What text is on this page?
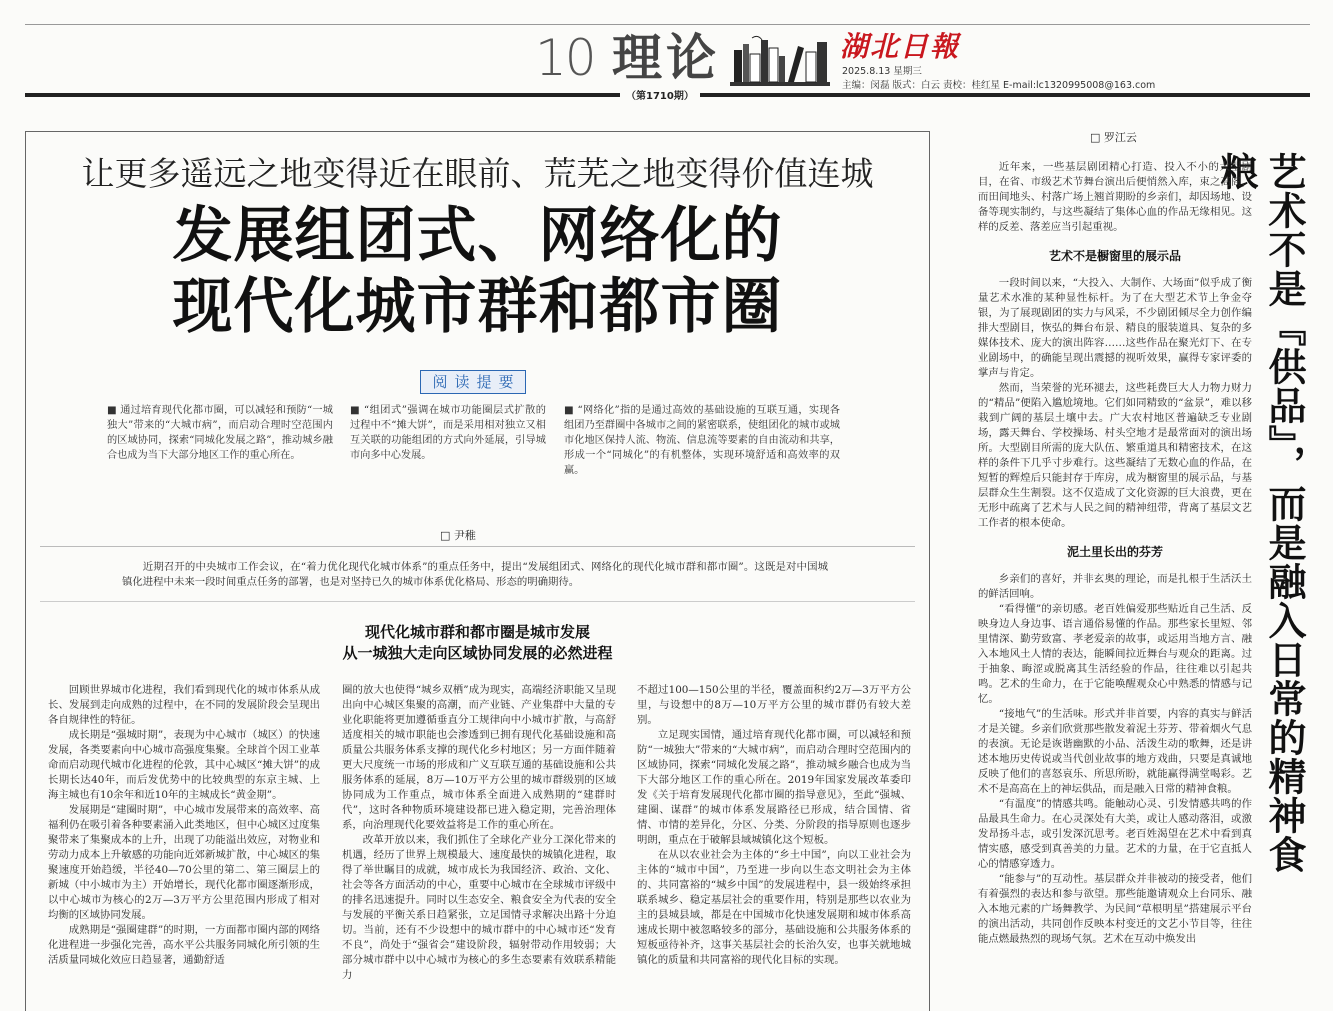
10 理论	湖北日報
2025.8.13 星期三
主编：闵磊 版式：白云 责校：桂红星 E-mail:lc1320995008@163.com
（第1710期）
让更多遥远之地变得近在眼前、荒芜之地变得价值连城
发展组团式、网络化的
现代化城市群和都市圈
阅读提要
■ 通过培育现代化都市圈，可以减轻和预防“一城独大”带来的“大城市病”，而启动合理时空范围内的区域协同，探索“同城化发展之路”，推动城乡融合也成为当下大部分地区工作的重心所在。
■ “组团式”强调在城市功能圈层式扩散的过程中不“摊大饼”，而是采用相对独立又相互关联的功能组团的方式向外延展，引导城市向多中心发展。
■ “网络化”指的是通过高效的基础设施的互联互通，实现各组团乃至群圈中各城市之间的紧密联系，使组团化的城市或城市化地区保持人流、物流、信息流等要素的自由流动和共享，形成一个“同城化”的有机整体，实现环境舒适和高效率的双赢。
□ 尹稚

近期召开的中央城市工作会议，在“着力优化现代化城市体系”的重点任务中，提出“发展组团式、网络化的现代化城市群和都市圈”。这既是对中国城镇化进程中未来一段时间重点任务的部署，也是对坚持已久的城市体系优化格局、形态的明确期待。

现代化城市群和都市圈是城市发展
从一城独大走向区域协同发展的必然进程

回顾世界城市化进程，我们看到现代化的城市体系从成长、发展到走向成熟的过程中，在不同的发展阶段会呈现出各自规律性的特征。

成长期是“强城时期”，表现为中心城市（城区）的快速发展，各类要素向中心城市高强度集聚。全球首个因工业革命而启动现代城市化进程的伦敦，其中心城区“摊大饼”的成长期长达40年，而后发优势中的比较典型的东京主城、上海主城也有10余年和近10年的主城成长“黄金期”。

发展期是“建圈时期”，中心城市发展带来的高效率、高福利仍在吸引着各种要素涌入此类地区，但中心城区过度集聚带来了集聚成本的上升，出现了功能溢出效应，对物业和劳动力成本上升敏感的功能向近郊新城扩散，中心城区的集聚速度开始趋缓，半径40—70公里的第二、第三圈层上的新城（中小城市为主）开始增长，现代化都市圈逐渐形成，以中心城市为核心的2万—3万平方公里范围内形成了相对均衡的区域协同发展。

成熟期是“强圈建群”的时期，一方面都市圈内部的网络化进程进一步强化完善，高水平公共服务同城化所引领的生活质量同城化效应日趋显著，通勤舒适

圈的放大也使得“城乡双栖”成为现实，高端经济职能又呈现出向中心城区集聚的高潮，而产业链、产业集群中大量的专业化职能将更加遵循垂直分工规律向中小城市扩散，与高舒适度相关的城市职能也会渗透到已拥有现代化基础设施和高质量公共服务体系支撑的现代化乡村地区；另一方面伴随着更大尺度统一市场的形成和广义互联互通的基础设施和公共服务体系的延展，8万—10万平方公里的城市群级别的区域协同成为工作重点，城市体系全面进入成熟期的“建群时代”，这时各种物质环境建设都已进入稳定期，完善治理体系，向治理现代化要效益将是工作的重心所在。

改革开放以来，我们抓住了全球化产业分工深化带来的机遇，经历了世界上规模最大、速度最快的城镇化进程，取得了举世瞩目的成就，城市成长为我国经济、政治、文化、社会等各方面活动的中心，重要中心城市在全球城市评级中的排名迅速提升。同时以生态安全、粮食安全为代表的安全与发展的平衡关系日趋紧张，立足国情寻求解决出路十分迫切。当前，还有不少设想中的城市群中的中心城市还“发育不良”，尚处于“强省会”建设阶段，辐射带动作用较弱；大部分城市群中以中心城市为核心的多生态要素有效联系精能力

不超过100—150公里的半径，覆盖面积约2万—3万平方公里，与设想中的8万—10万平方公里的城市群仍有较大差别。

立足现实国情，通过培育现代化都市圈，可以减轻和预防“一城独大”带来的“大城市病”，而启动合理时空范围内的区域协同，探索“同城化发展之路”，推动城乡融合也成为当下大部分地区工作的重心所在。2019年国家发展改革委印发《关于培育发展现代化都市圈的指导意见》，至此“强城、建圈、谋群”的城市体系发展路径已形成，结合国情、省情、市情的差异化，分区、分类、分阶段的指导原则也逐步明朗，重点在于破解县域城镇化这个短板。

在从以农业社会为主体的“乡土中国”，向以工业社会为主体的“城市中国”，乃至进一步向以生态文明社会为主体的、共同富裕的“城乡中国”的发展进程中，县一级始终承担联系城乡、稳定基层社会的重要作用，特别是那些以农业为主的县城县域，都是在中国城市化快速发展期和城市体系高速成长期中被忽略较多的部分，基础设施和公共服务体系的短板亟待补齐，这事关基层社会的长治久安，也事关就地城镇化的质量和共同富裕的现代化目标的实现。

□ 罗江云
艺术不是『供品』，而是融入日常的精神食粮

近年来，一些基层剧团精心打造、投入不小的大型剧目，在省、市级艺术节舞台演出后便悄然入库，束之高阁，而田间地头、村落广场上翘首期盼的乡亲们，却因场地、设备等现实制约，与这些凝结了集体心血的作品无缘相见。这样的反差、落差应当引起重视。

艺术不是橱窗里的展示品

一段时间以来，“大投入、大制作、大场面”似乎成了衡量艺术水准的某种显性标杆。为了在大型艺术节上争金夺银，为了展现剧团的实力与风采，不少剧团倾尽全力创作编排大型剧目，恢弘的舞台布景、精良的服装道具、复杂的多媒体技术、庞大的演出阵容……这些作品在聚光灯下、在专业剧场中，的确能呈现出震撼的视听效果，赢得专家评委的掌声与肯定。

然而，当荣誉的光环褪去，这些耗费巨大人力物力财力的“精品”便陷入尴尬境地。它们如同精致的“盆景”，难以移栽到广阔的基层土壤中去。广大农村地区普遍缺乏专业剧场，露天舞台、学校操场、村头空地才是最常面对的演出场所。大型剧目所需的庞大队伍、繁重道具和精密技术，在这样的条件下几乎寸步难行。这些凝结了无数心血的作品，在短暂的辉煌后只能封存于库房，成为橱窗里的展示品，与基层群众生生割裂。这不仅造成了文化资源的巨大浪费，更在无形中疏离了艺术与人民之间的精神纽带，背离了基层文艺工作者的根本使命。

泥土里长出的芬芳

乡亲们的喜好，并非玄奥的理论，而是扎根于生活沃土的鲜活回响。

“看得懂”的亲切感。老百姓偏爱那些贴近自己生活、反映身边人身边事、语言通俗易懂的作品。那些家长里短、邻里情深、勤劳致富、孝老爱亲的故事，或运用当地方言、融入本地风土人情的表达，能瞬间拉近舞台与观众的距离。过于抽象、晦涩或脱离其生活经验的作品，往往难以引起共鸣。艺术的生命力，在于它能唤醒观众心中熟悉的情感与记忆。

“接地气”的生活味。形式并非首要，内容的真实与鲜活才是关键。乡亲们欣赏那些散发着泥土芬芳、带着烟火气息的表演。无论是诙谐幽默的小品、活泼生动的歌舞，还是讲述本地历史传说或当代创业故事的地方戏曲，只要是真诚地反映了他们的喜怒哀乐、所思所盼，就能赢得满堂喝彩。艺术不是高高在上的神坛供品，而是融入日常的精神食粮。

“有温度”的情感共鸣。能触动心灵、引发情感共鸣的作品最具生命力。在心灵深处有大美，或让人感动落泪，或激发昂扬斗志，或引发深沉思考。老百姓渴望在艺术中看到真情实感，感受到真善美的力量。艺术的力量，在于它直抵人心的情感穿透力。

“能参与”的互动性。基层群众并非被动的接受者，他们有着强烈的表达和参与欲望。那些能邀请观众上台同乐、融入本地元素的广场舞教学、为民间“草根明星”搭建展示平台的演出活动，共同创作反映本村变迁的文艺小节目等，往往能点燃最热烈的现场气氛。艺术在互动中焕发出
